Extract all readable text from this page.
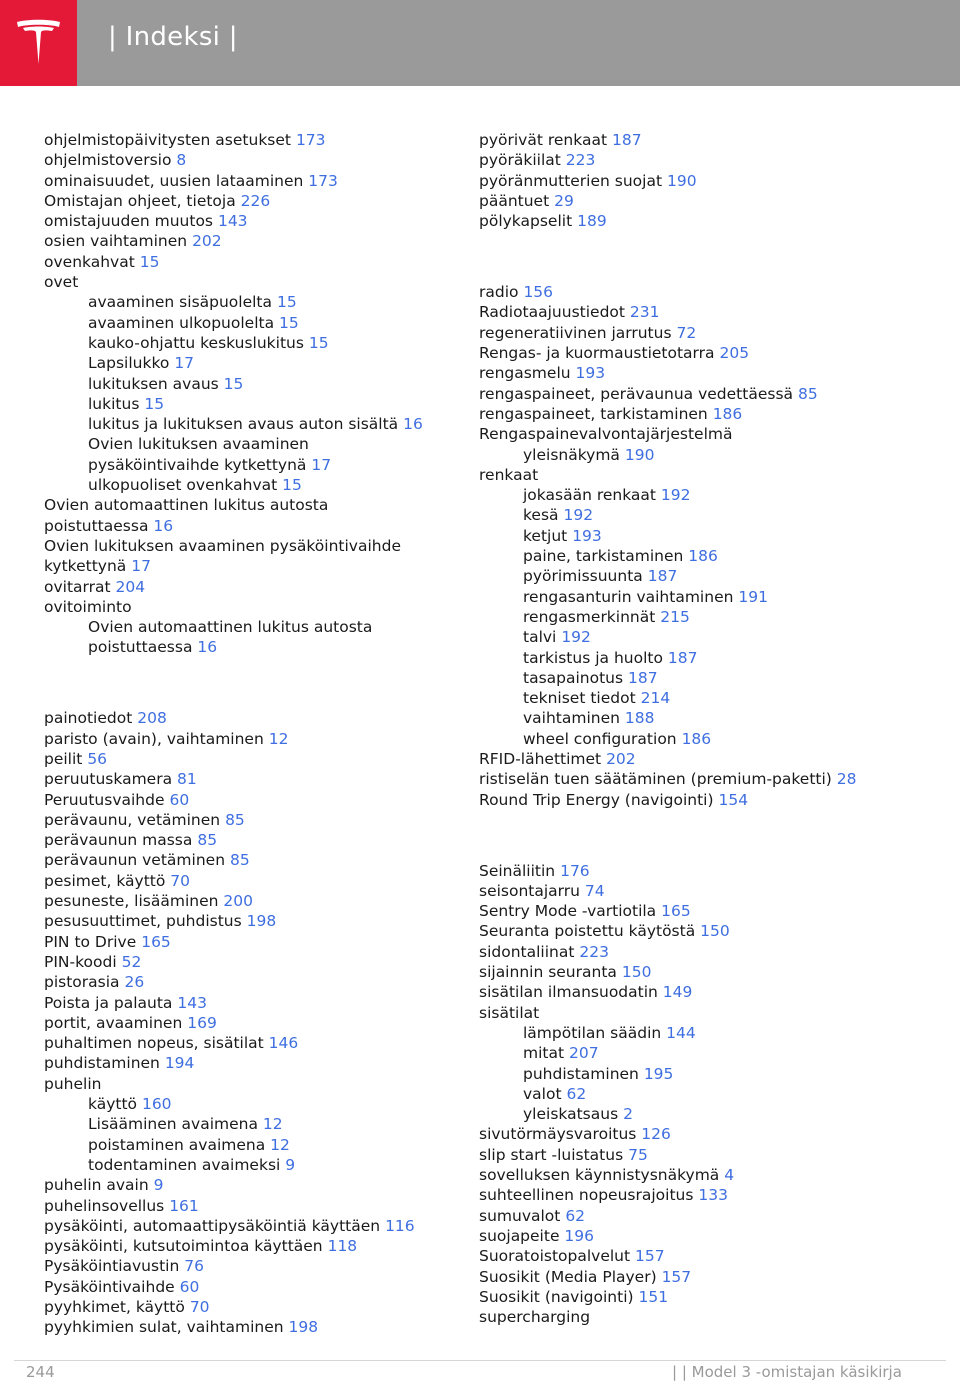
| Indeksi |
ohjelmistopäivitysten asetukset 173
ohjelmistoversio 8
ominaisuudet, uusien lataaminen 173
Omistajan ohjeet, tietoja 226
omistajuuden muutos 143
osien vaihtaminen 202
ovenkahvat 15
ovet
avaaminen sisäpuolelta 15
avaaminen ulkopuolelta 15
kauko-ohjattu keskuslukitus 15
Lapsilukko 17
lukituksen avaus 15
lukitus 15
lukitus ja lukituksen avaus auton sisältä 16
Ovien lukituksen avaaminen
pysäköintivaihde kytkettynä 17
ulkopuoliset ovenkahvat 15
Ovien automaattinen lukitus autosta
poistuttaessa 16
Ovien lukituksen avaaminen pysäköintivaihde
kytkettynä 17
ovitarrat 204
ovitoiminto
Ovien automaattinen lukitus autosta
poistuttaessa 16
painotiedot 208
paristo (avain), vaihtaminen 12
peilit 56
peruutuskamera 81
Peruutusvaihde 60
perävaunu, vetäminen 85
perävaunun massa 85
perävaunun vetäminen 85
pesimet, käyttö 70
pesuneste, lisääminen 200
pesusuuttimet, puhdistus 198
PIN to Drive 165
PIN-koodi 52
pistorasia 26
Poista ja palauta 143
portit, avaaminen 169
puhaltimen nopeus, sisätilat 146
puhdistaminen 194
puhelin
käyttö 160
Lisääminen avaimena 12
poistaminen avaimena 12
todentaminen avaimeksi 9
puhelin avain 9
puhelinsovellus 161
pysäköinti, automaattipysäköintiä käyttäen 116
pysäköinti, kutsutoimintoa käyttäen 118
Pysäköintiavustin 76
Pysäköintivaihde 60
pyyhkimet, käyttö 70
pyyhkimien sulat, vaihtaminen 198
pyörivät renkaat 187
pyöräkiilat 223
pyöränmutterien suojat 190
pääntuet 29
pölykapselit 189
radio 156
Radiotaajuustiedot 231
regeneratiivinen jarrutus 72
Rengas- ja kuormaustietotarra 205
rengasmelu 193
rengaspaineet, perävaunua vedettäessä 85
rengaspaineet, tarkistaminen 186
Rengaspainevalvontajärjestelmä
yleisnäkymä 190
renkaat
jokasään renkaat 192
kesä 192
ketjut 193
paine, tarkistaminen 186
pyörimissuunta 187
rengasanturin vaihtaminen 191
rengasmerkinnät 215
talvi 192
tarkistus ja huolto 187
tasapainotus 187
tekniset tiedot 214
vaihtaminen 188
wheel configuration 186
RFID-lähettimet 202
ristiselän tuen säätäminen (premium-paketti) 28
Round Trip Energy (navigointi) 154
Seinäliitin 176
seisontajarru 74
Sentry Mode -vartiotila 165
Seuranta poistettu käytöstä 150
sidontaliinat 223
sijainnin seuranta 150
sisätilan ilmansuodatin 149
sisätilat
lämpötilan säädin 144
mitat 207
puhdistaminen 195
valot 62
yleiskatsaus 2
sivutörmäysvaroitus 126
slip start -luistatus 75
sovelluksen käynnistysnäkymä 4
suhteellinen nopeusrajoitus 133
sumuvalot 62
suojapeite 196
Suoratoistopalvelut 157
Suosikit (Media Player) 157
Suosikit (navigointi) 151
supercharging
244	| | Model 3 -omistajan käsikirja
